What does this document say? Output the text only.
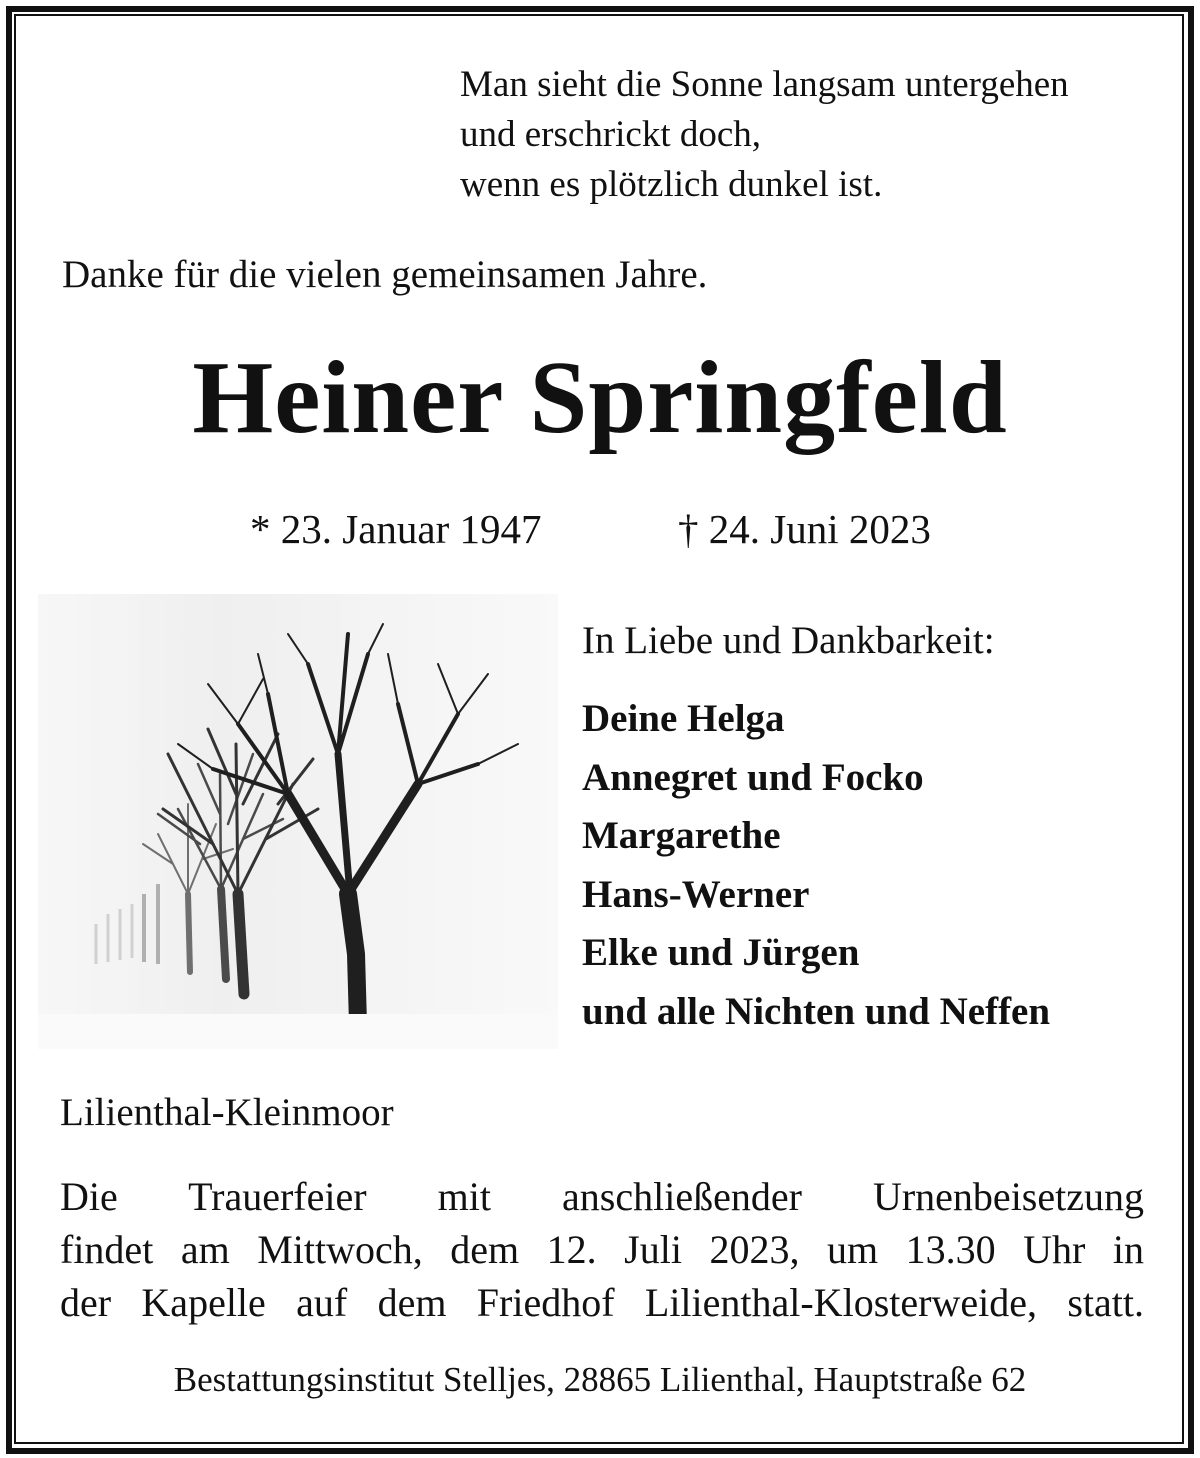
Man sieht die Sonne langsam untergehen
und erschrickt doch,
wenn es plötzlich dunkel ist.

Danke für die vielen gemeinsamen Jahre.

Heiner Springfeld

* 23. Januar 1947	† 24. Juni 2023

In Liebe und Dankbarkeit:

Deine Helga
Annegret und Focko
Margarethe
Hans-Werner
Elke und Jürgen
und alle Nichten und Neffen

Lilienthal-Kleinmoor

Die Trauerfeier mit anschließender Urnenbeisetzung
findet am Mittwoch, dem 12. Juli 2023, um 13.30 Uhr in
der Kapelle auf dem Friedhof Lilienthal-Klosterweide, statt.

Bestattungsinstitut Stelljes, 28865 Lilienthal, Hauptstraße 62
